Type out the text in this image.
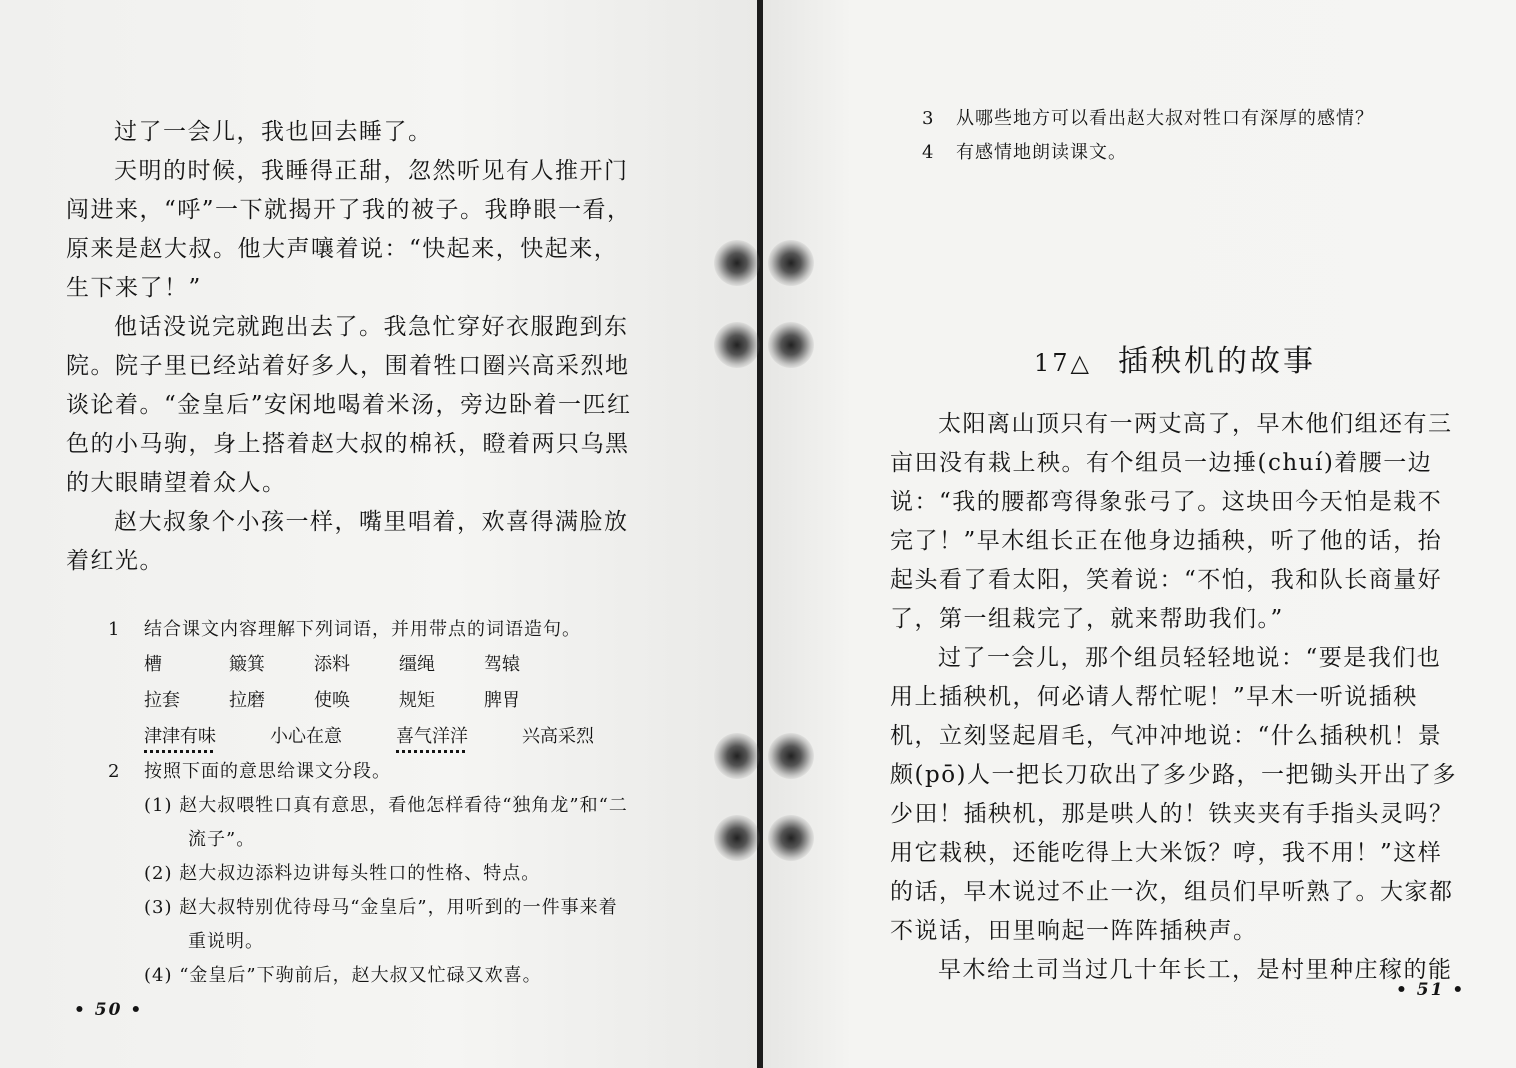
过了一会儿，我也回去睡了。

天明的时候，我睡得正甜，忽然听见有人推开门闯进来，“呼”一下就揭开了我的被子。我睁眼一看，原来是赵大叔。他大声嚷着说：“快起来，快起来，生下来了！”

他话没说完就跑出去了。我急忙穿好衣服跑到东院。院子里已经站着好多人，围着牲口圈兴高采烈地谈论着。“金皇后”安闲地喝着米汤，旁边卧着一匹红色的小马驹，身上搭着赵大叔的棉袄，瞪着两只乌黑的大眼睛望着众人。

赵大叔象个小孩一样，嘴里唱着，欢喜得满脸放着红光。

1	结合课文内容理解下列词语，并用带点的词语造句。
槽	簸箕	添料	缰绳	驾辕
拉套	拉磨	使唤	规矩	脾胃
津津有味	小心在意	喜气洋洋	兴高采烈
2	按照下面的意思给课文分段。

(1) 赵大叔喂牲口真有意思，看他怎样看待“独角龙”和“二流子”。

(2) 赵大叔边添料边讲每头牲口的性格、特点。

(3) 赵大叔特别优待母马“金皇后”，用听到的一件事来着重说明。

(4) “金皇后”下驹前后，赵大叔又忙碌又欢喜。

• 50 •
3	从哪些地方可以看出赵大叔对牲口有深厚的感情？
4	有感情地朗读课文。
17△ 插秧机的故事

太阳离山顶只有一两丈高了，早木他们组还有三亩田没有栽上秧。有个组员一边捶(chuí)着腰一边说：“我的腰都弯得象张弓了。这块田今天怕是栽不完了！”早木组长正在他身边插秧，听了他的话，抬起头看了看太阳，笑着说：“不怕，我和队长商量好了，第一组栽完了，就来帮助我们。”

过了一会儿，那个组员轻轻地说：“要是我们也用上插秧机，何必请人帮忙呢！”早木一听说插秧机，立刻竖起眉毛，气冲冲地说：“什么插秧机！景颇(pō)人一把长刀砍出了多少路，一把锄头开出了多少田！插秧机，那是哄人的！铁夹夹有手指头灵吗？用它栽秧，还能吃得上大米饭？哼，我不用！”这样的话，早木说过不止一次，组员们早听熟了。大家都不说话，田里响起一阵阵插秧声。

早木给土司当过几十年长工，是村里种庄稼的能

• 51 •
